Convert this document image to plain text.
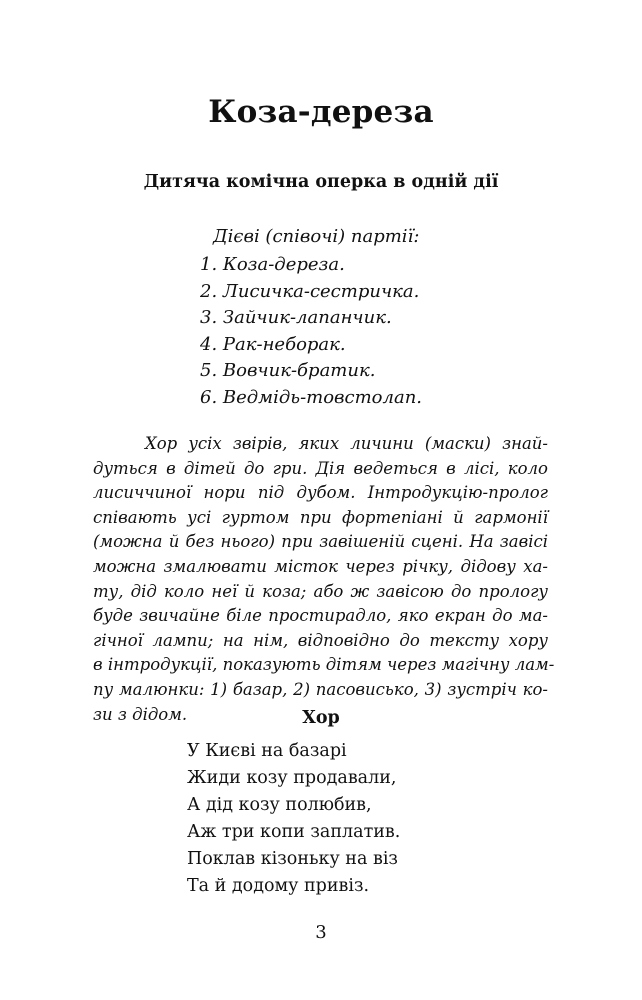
Коза-дереза
Дитяча комічна оперка в одній дії
Дієві (співочі) партії:
1. Коза-дереза.
2. Лисичка-сестричка.
3. Зайчик-лапанчик.
4. Рак-неборак.
5. Вовчик-братик.
6. Ведмідь-товстолап.
Хор усіх звірів, яких личини (маски) знай-
дуться в дітей до гри. Дія ведеться в лісі, коло
лисиччиної нори під дубом. Інтродукцію-пролог
співають усі гуртом при фортепіані й гармонії
(можна й без нього) при завішеній сцені. На завісі
можна змалювати місток через річку, дідову ха-
ту, дід коло неї й коза; або ж завісою до прологу
буде звичайне біле простирадло, яко екран до ма-
гічної лампи; на нім, відповідно до тексту хору
в інтродукції, показують дітям через магічну лам-
пу малюнки: 1) базар, 2) пасовисько, 3) зустріч ко-
зи з дідом.	Хор
У Києві на базарі
Жиди козу продавали,
А дід козу полюбив,
Аж три копи заплатив.
Поклав кізоньку на віз
Та й додому привіз.
3
